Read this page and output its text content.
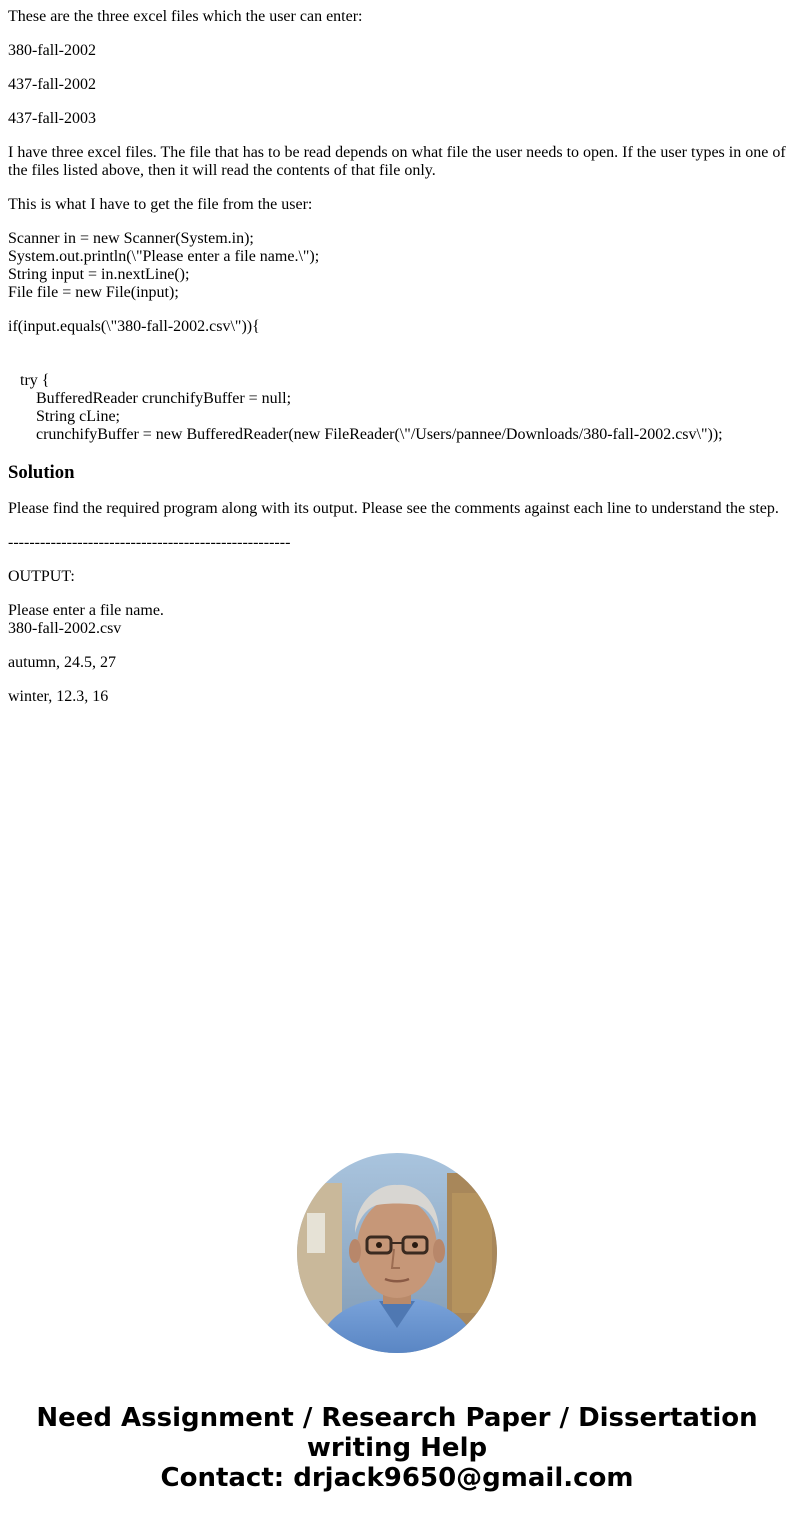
These are the three excel files which the user can enter:

380-fall-2002

437-fall-2002

437-fall-2003

I have three excel files. The file that has to be read depends on what file the user needs to open. If the user types in one of the files listed above, then it will read the contents of that file only.

This is what I have to get the file from the user:

Scanner in = new Scanner(System.in);
System.out.println(\"Please enter a file name.\");
String input = in.nextLine();
File file = new File(input);
if(input.equals(\"380-fall-2002.csv\")){
try {
BufferedReader crunchifyBuffer = null;
String cLine;
crunchifyBuffer = new BufferedReader(new FileReader(\"/Users/pannee/Downloads/380-fall-2002.csv\"));
Solution

Please find the required program along with its output. Please see the comments against each line to understand the step.

-----------------------------------------------------

OUTPUT:

Please enter a file name.
380-fall-2002.csv

autumn, 24.5, 27

winter, 12.3, 16

Need Assignment / Research Paper / Dissertation
writing Help
Contact: drjack9650@gmail.com
